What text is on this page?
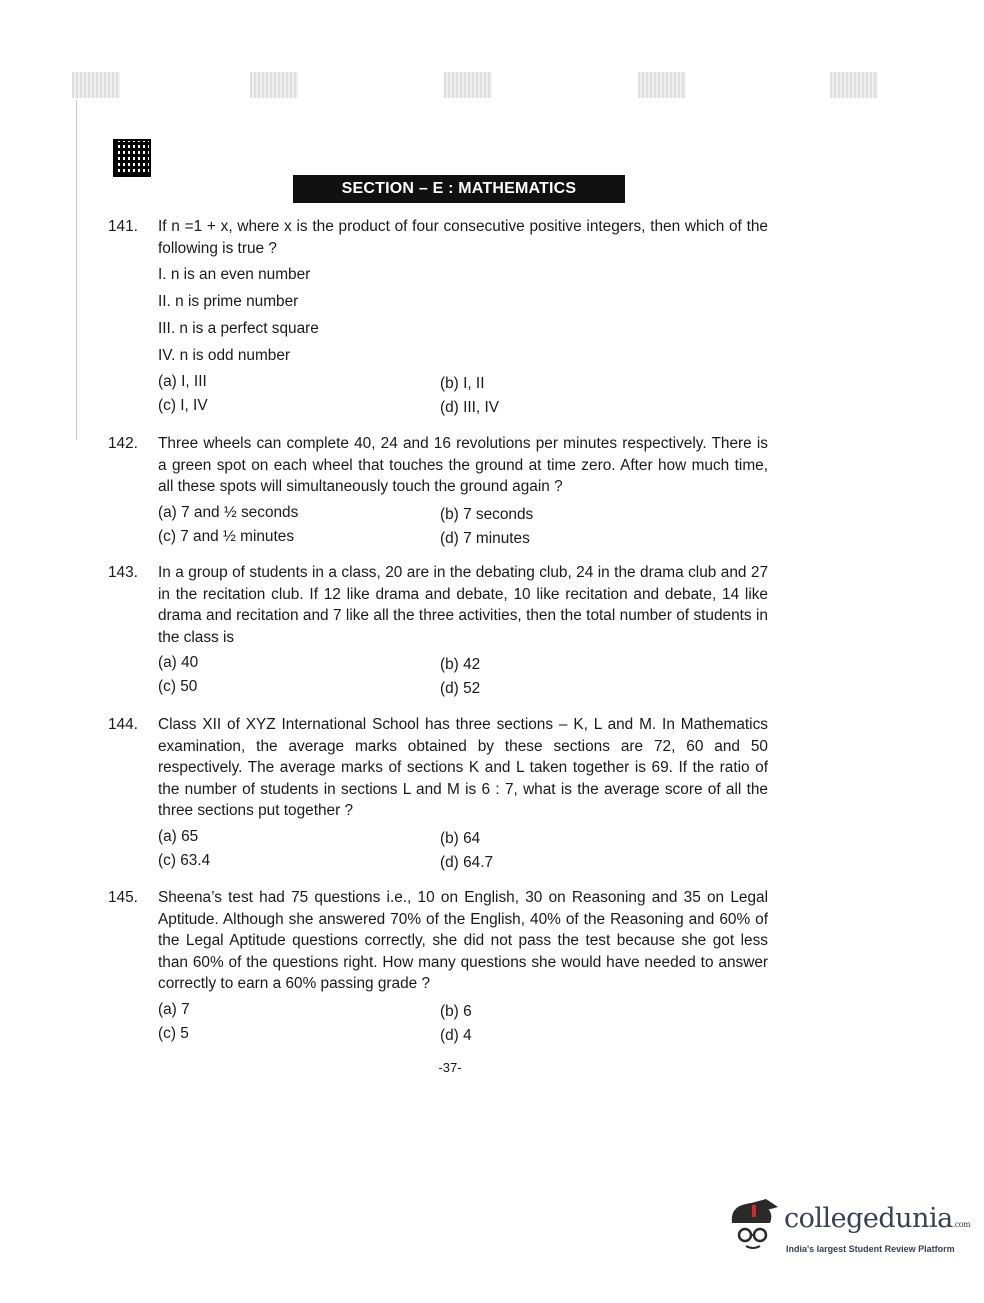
SECTION – E : MATHEMATICS
141. If n =1 + x, where x is the product of four consecutive positive integers, then which of the following is true ?
I. n is an even number
II. n is prime number
III. n is a perfect square
IV. n is odd number
(a) I, III	(b) I, II
(c) I, IV	(d) III, IV
142. Three wheels can complete 40, 24 and 16 revolutions per minutes respectively. There is a green spot on each wheel that touches the ground at time zero. After how much time, all these spots will simultaneously touch the ground again ?
(a) 7 and ½ seconds	(b) 7 seconds
(c) 7 and ½ minutes	(d) 7 minutes
143. In a group of students in a class, 20 are in the debating club, 24 in the drama club and 27 in the recitation club. If 12 like drama and debate, 10 like recitation and debate, 14 like drama and recitation and 7 like all the three activities, then the total number of students in the class is
(a) 40	(b) 42
(c) 50	(d) 52
144. Class XII of XYZ International School has three sections – K, L and M. In Mathematics examination, the average marks obtained by these sections are 72, 60 and 50 respectively. The average marks of sections K and L taken together is 69. If the ratio of the number of students in sections L and M is 6 : 7, what is the average score of all the three sections put together ?
(a) 65	(b) 64
(c) 63.4	(d) 64.7
145. Sheena’s test had 75 questions i.e., 10 on English, 30 on Reasoning and 35 on Legal Aptitude. Although she answered 70% of the English, 40% of the Reasoning and 60% of the Legal Aptitude questions correctly, she did not pass the test because she got less than 60% of the questions right. How many questions she would have needed to answer correctly to earn a 60% passing grade ?
(a) 7	(b) 6
(c) 5	(d) 4
-37-
collegedunia.com
India's largest Student Review Platform
